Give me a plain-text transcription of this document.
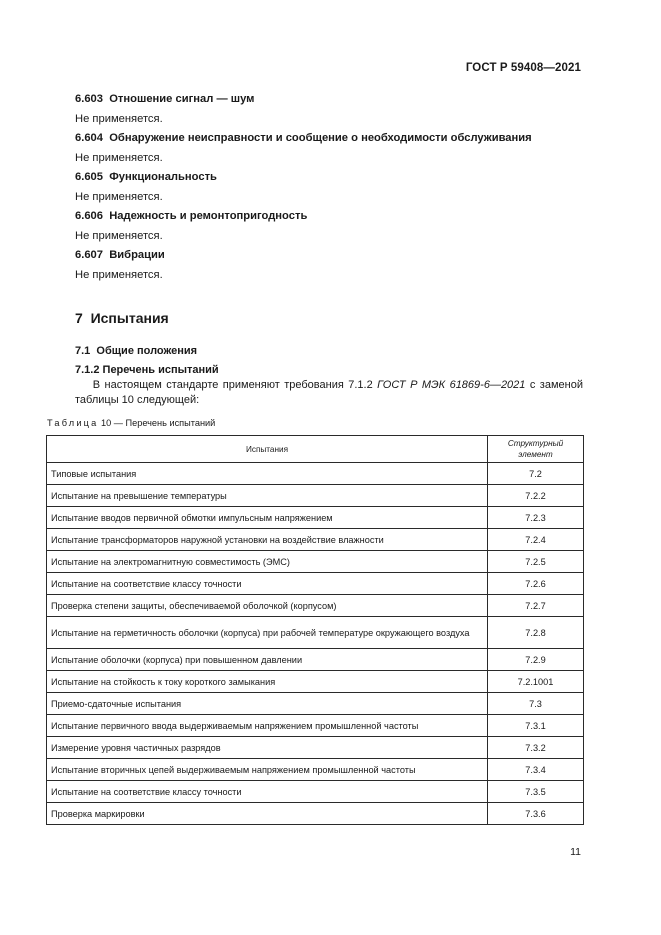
ГОСТ Р 59408—2021
6.603 Отношение сигнал — шум
Не применяется.
6.604 Обнаружение неисправности и сообщение о необходимости обслуживания
Не применяется.
6.605 Функциональность
Не применяется.
6.606 Надежность и ремонтопригодность
Не применяется.
6.607 Вибрации
Не применяется.
7 Испытания
7.1 Общие положения
7.1.2 Перечень испытаний
В настоящем стандарте применяют требования 7.1.2 ГОСТ Р МЭК 61869-6—2021 с заменой таблицы 10 следующей:
Таблица 10 — Перечень испытаний
Испытания	Структурный элемент
Типовые испытания	7.2
Испытание на превышение температуры	7.2.2
Испытание вводов первичной обмотки импульсным напряжением	7.2.3
Испытание трансформаторов наружной установки на воздействие влажности	7.2.4
Испытание на электромагнитную совместимость (ЭМС)	7.2.5
Испытание на соответствие классу точности	7.2.6
Проверка степени защиты, обеспечиваемой оболочкой (корпусом)	7.2.7
Испытание на герметичность оболочки (корпуса) при рабочей температуре окружающего воздуха	7.2.8
Испытание оболочки (корпуса) при повышенном давлении	7.2.9
Испытание на стойкость к току короткого замыкания	7.2.1001
Приемо-сдаточные испытания	7.3
Испытание первичного ввода выдерживаемым напряжением промышленной частоты	7.3.1
Измерение уровня частичных разрядов	7.3.2
Испытание вторичных цепей выдерживаемым напряжением промышленной частоты	7.3.4
Испытание на соответствие классу точности	7.3.5
Проверка маркировки	7.3.6
11
